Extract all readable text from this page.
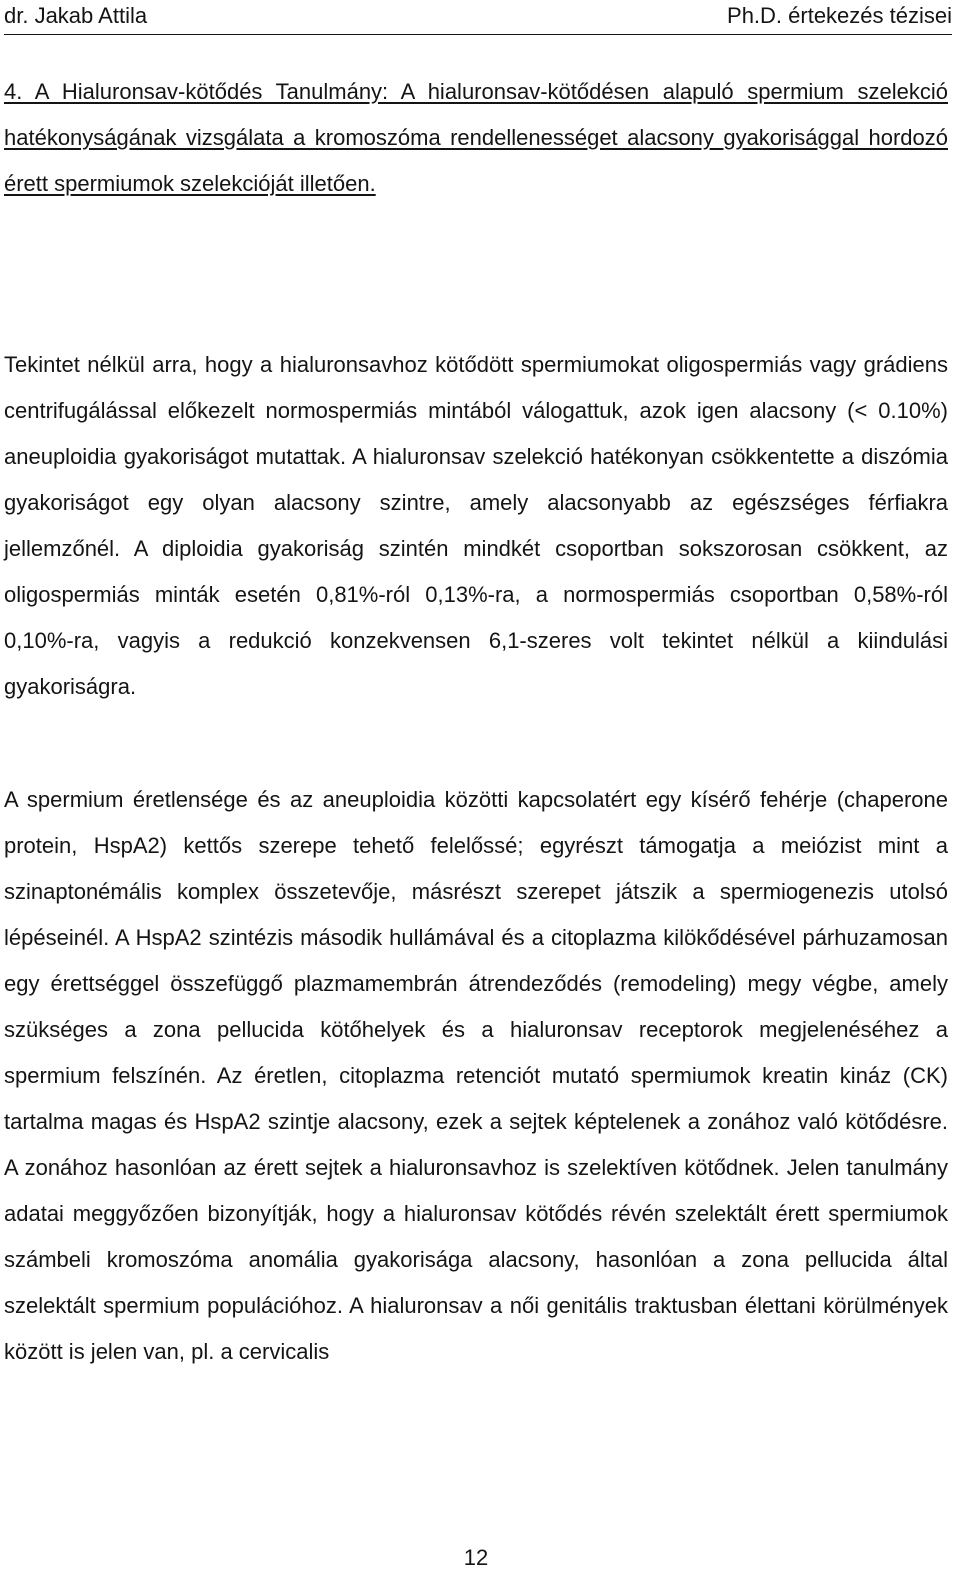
dr. Jakab Attila	Ph.D. értekezés tézisei

4. A Hialuronsav-kötődés Tanulmány: A hialuronsav-kötődésen alapuló spermium szelekció hatékonyságának vizsgálata a kromoszóma rendellenességet alacsony gyakorisággal hordozó érett spermiumok szelekcióját illetően.

Tekintet nélkül arra, hogy a hialuronsavhoz kötődött spermiumokat oligospermiás vagy grádiens centrifugálással előkezelt normospermiás mintából válogattuk, azok igen alacsony (< 0.10%) aneuploidia gyakoriságot mutattak. A hialuronsav szelekció hatékonyan csökkentette a diszómia gyakoriságot egy olyan alacsony szintre, amely alacsonyabb az egészséges férfiakra jellemzőnél. A diploidia gyakoriság szintén mindkét csoportban sokszorosan csökkent, az oligospermiás minták esetén 0,81%-ról 0,13%-ra, a normospermiás csoportban 0,58%-ról 0,10%-ra, vagyis a redukció konzekvensen 6,1-szeres volt tekintet nélkül a kiindulási gyakoriságra.

A spermium éretlensége és az aneuploidia közötti kapcsolatért egy kísérő fehérje (chaperone protein, HspA2) kettős szerepe tehető felelőssé; egyrészt támogatja a meiózist mint a szinaptonémális komplex összetevője, másrészt szerepet játszik a spermiogenezis utolsó lépéseinél. A HspA2 szintézis második hullámával és a citoplazma kilökődésével párhuzamosan egy érettséggel összefüggő plazmamembrán átrendeződés (remodeling) megy végbe, amely szükséges a zona pellucida kötőhelyek és a hialuronsav receptorok megjelenéséhez a spermium felszínén. Az éretlen, citoplazma retenciót mutató spermiumok kreatin kináz (CK) tartalma magas és HspA2 szintje alacsony, ezek a sejtek képtelenek a zonához való kötődésre. A zonához hasonlóan az érett sejtek a hialuronsavhoz is szelektíven kötődnek. Jelen tanulmány adatai meggyőzően bizonyítják, hogy a hialuronsav kötődés révén szelektált érett spermiumok számbeli kromoszóma anomália gyakorisága alacsony, hasonlóan a zona pellucida által szelektált spermium populációhoz. A hialuronsav a női genitális traktusban élettani körülmények között is jelen van, pl. a cervicalis

12
